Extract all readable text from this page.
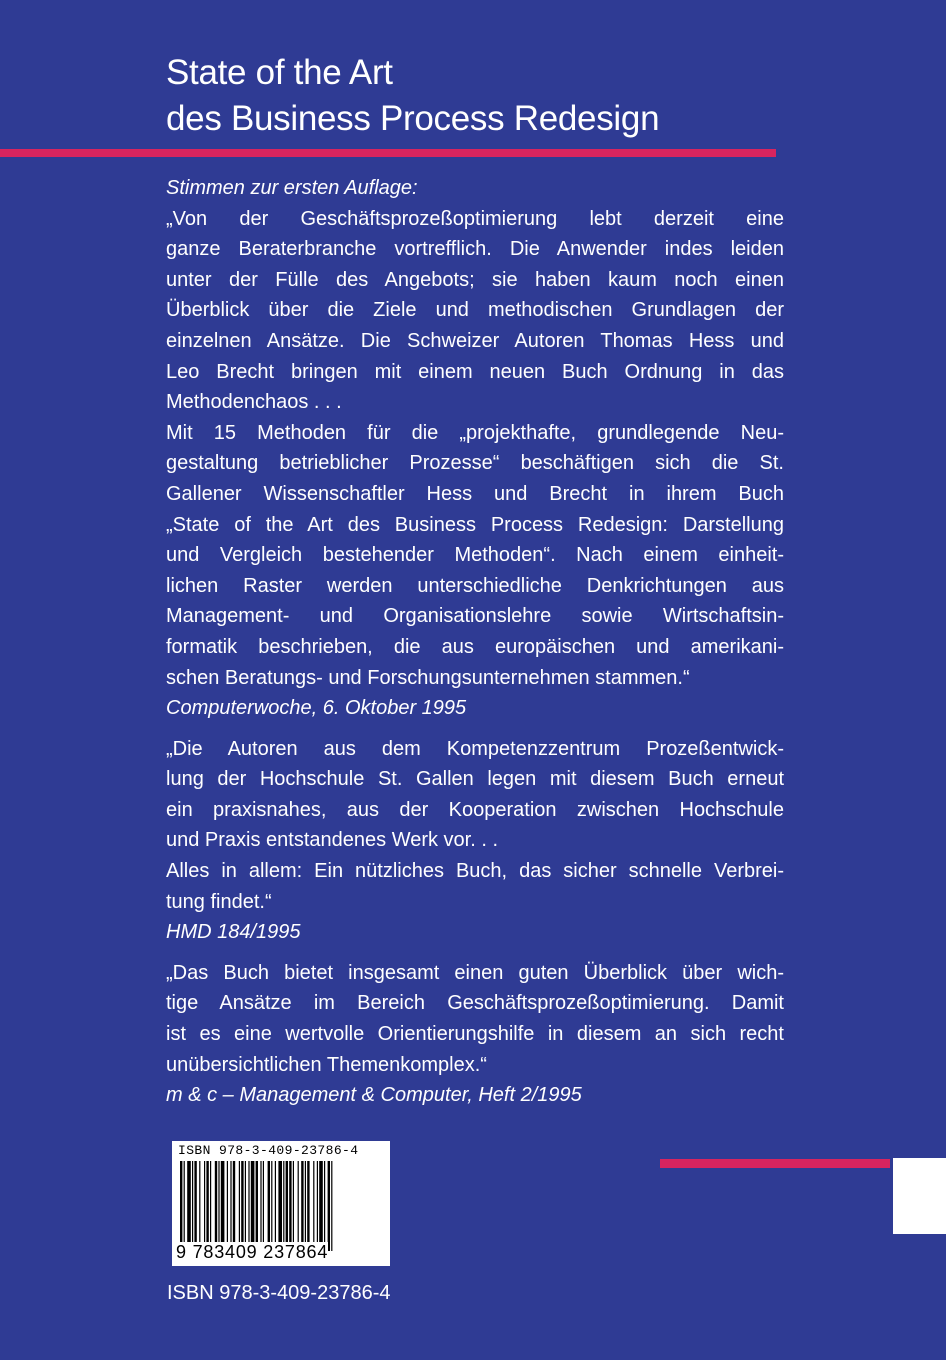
State of the Art
des Business Process Redesign

Stimmen zur ersten Auflage:

„Von der Geschäftsprozeßoptimierung lebt derzeit eine

ganze Beraterbranche vortrefflich. Die Anwender indes leiden

unter der Fülle des Angebots; sie haben kaum noch einen

Überblick über die Ziele und methodischen Grundlagen der

einzelnen Ansätze. Die Schweizer Autoren Thomas Hess und

Leo Brecht bringen mit einem neuen Buch Ordnung in das

Methodenchaos . . .

Mit 15 Methoden für die „projekthafte, grundlegende Neu-

gestaltung betrieblicher Prozesse“ beschäftigen sich die St.

Gallener Wissenschaftler Hess und Brecht in ihrem Buch

„State of the Art des Business Process Redesign: Darstellung

und Vergleich bestehender Methoden“. Nach einem einheit-

lichen Raster werden unterschiedliche Denkrichtungen aus

Management- und Organisationslehre sowie Wirtschaftsin-

formatik beschrieben, die aus europäischen und amerikani-

schen Beratungs- und Forschungsunternehmen stammen.“

Computerwoche, 6. Oktober 1995

„Die Autoren aus dem Kompetenzzentrum Prozeßentwick-

lung der Hochschule St. Gallen legen mit diesem Buch erneut

ein praxisnahes, aus der Kooperation zwischen Hochschule

und Praxis entstandenes Werk vor. . .

Alles in allem: Ein nützliches Buch, das sicher schnelle Verbrei-

tung findet.“

HMD 184/1995

„Das Buch bietet insgesamt einen guten Überblick über wich-

tige Ansätze im Bereich Geschäftsprozeßoptimierung. Damit

ist es eine wertvolle Orientierungshilfe in diesem an sich recht

unübersichtlichen Themenkomplex.“

m & c – Management & Computer, Heft 2/1995

ISBN 978-3-409-23786-4
9 783409 237864
ISBN 978-3-409-23786-4
